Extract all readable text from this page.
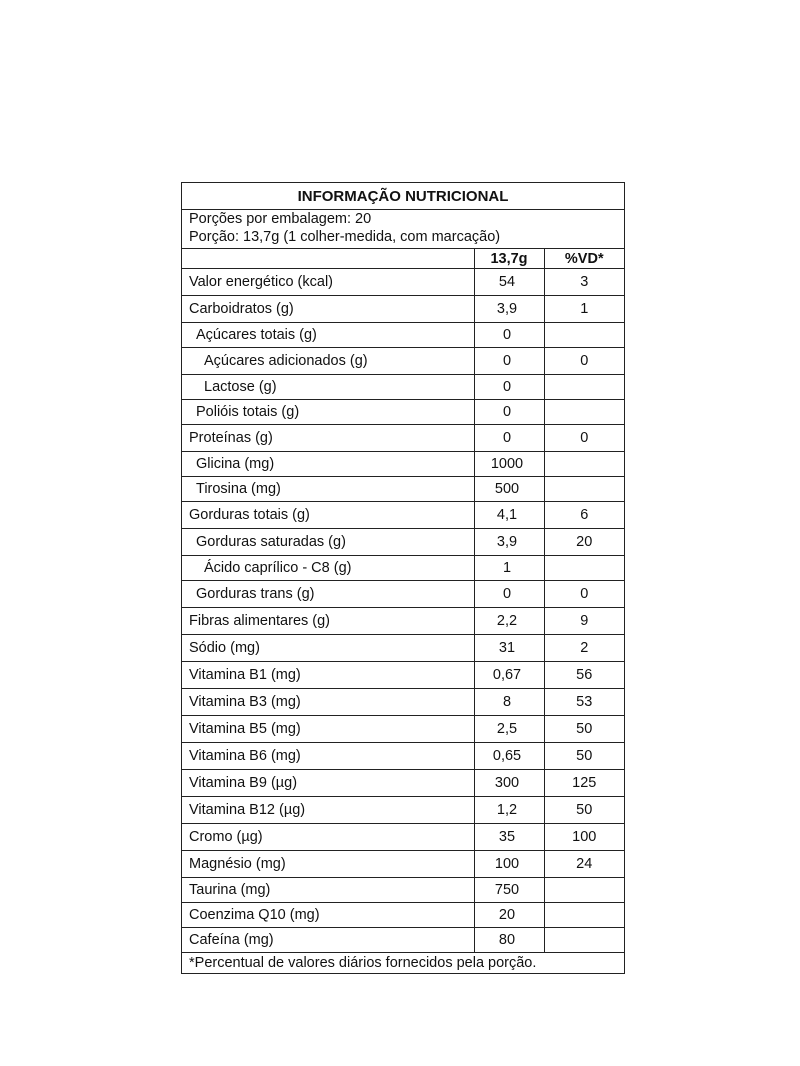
INFORMAÇÃO NUTRICIONAL
Porções por embalagem: 20
Porção: 13,7g (1 colher-medida, com marcação)
	13,7g	%VD*
Valor energético (kcal)	54	3
Carboidratos (g)	3,9	1
Açúcares totais (g)	0	
Açúcares adicionados (g)	0	0
Lactose (g)	0	
Polióis totais (g)	0	
Proteínas (g)	0	0
Glicina (mg)	1000	
Tirosina (mg)	500	
Gorduras totais (g)	4,1	6
Gorduras saturadas (g)	3,9	20
Ácido caprílico - C8 (g)	1	
Gorduras trans (g)	0	0
Fibras alimentares (g)	2,2	9
Sódio (mg)	31	2
Vitamina B1 (mg)	0,67	56
Vitamina B3 (mg)	8	53
Vitamina B5 (mg)	2,5	50
Vitamina B6 (mg)	0,65	50
Vitamina B9 (µg)	300	125
Vitamina B12 (µg)	1,2	50
Cromo (µg)	35	100
Magnésio (mg)	100	24
Taurina (mg)	750	
Coenzima Q10 (mg)	20	
Cafeína (mg)	80	
*Percentual de valores diários fornecidos pela porção.
